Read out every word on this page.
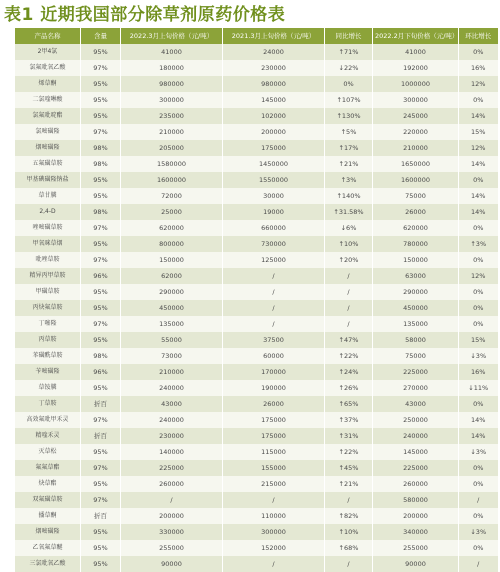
表1 近期我国部分除草剂原药价格表
产品名称	含量	2022.3月上旬价格（元/吨）	2021.3月上旬价格（元/吨）	同比增长	2022.2月下旬价格（元/吨）	环比增长
2甲4氯	95%	41000	24000	↑71%	41000	0%
氯氟吡氧乙酸	97%	180000	230000	↓22%	192000	16%
烯草酮	95%	980000	980000	0%	1000000	12%
二氯喹啉酸	95%	300000	145000	↑107%	300000	0%
氯氟吡啶酯	95%	235000	102000	↑130%	245000	14%
氯嘧磺隆	97%	210000	200000	↑5%	220000	15%
烟嘧磺隆	98%	205000	175000	↑17%	210000	12%
五氟磺草胺	98%	1580000	1450000	↑21%	1650000	14%
甲基碘磺隆钠盐	95%	1600000	1550000	↑3%	1600000	0%
草甘膦	95%	72000	30000	↑140%	75000	14%
2,4-D	98%	25000	19000	↑31.58%	26000	14%
唑嘧磺草胺	97%	620000	660000	↓6%	620000	0%
甲氧咪草烟	95%	800000	730000	↑10%	780000	↑3%
吡唑草胺	97%	150000	125000	↑20%	150000	0%
精异丙甲草胺	96%	62000	/	/	63000	12%
甲磺草胺	95%	290000	/	/	290000	0%
丙炔氟草胺	95%	450000	/	/	450000	0%
丁噻隆	97%	135000	/	/	135000	0%
丙草胺	95%	55000	37500	↑47%	58000	15%
苯磺酰草胺	98%	73000	60000	↑22%	75000	↓3%
苄嘧磺隆	96%	210000	170000	↑24%	225000	16%
草铵膦	95%	240000	190000	↑26%	270000	↓11%
丁草胺	折百	43000	26000	↑65%	43000	0%
高效氟吡甲禾灵	97%	240000	175000	↑37%	250000	14%
精喹禾灵	折百	230000	175000	↑31%	240000	14%
灭草松	95%	140000	115000	↑22%	145000	↓3%
氟氟草酯	97%	225000	155000	↑45%	225000	0%
炔草酯	95%	260000	215000	↑21%	260000	0%
双氟磺草胺	97%	/	/	/	580000	/
播草酮	折百	200000	110000	↑82%	200000	0%
烟嘧磺隆	95%	330000	300000	↑10%	340000	↓3%
乙氧氟草醚	95%	255000	152000	↑68%	255000	0%
三氯吡氧乙酸	95%	90000	/	/	90000	/
